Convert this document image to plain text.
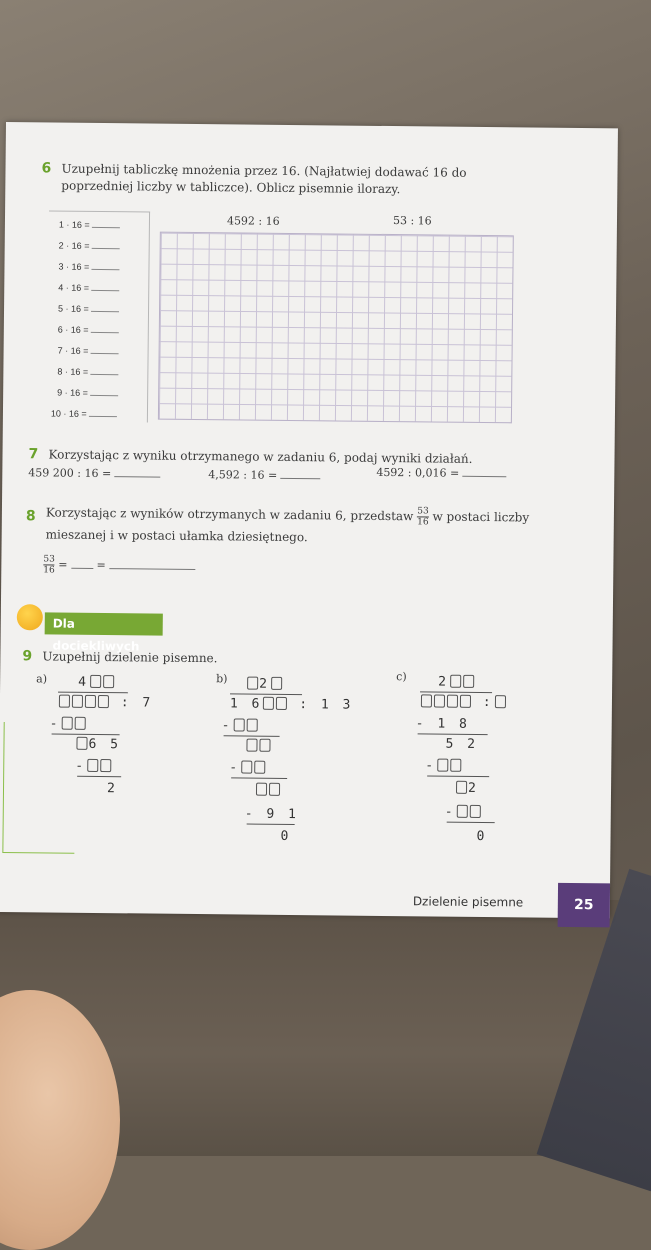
6 Uzupełnij tabliczkę mnożenia przez 16. (Najłatwiej dodawać 16 do poprzedniej liczby w tabliczce). Oblicz pisemnie ilorazy.
1 · 16 =
2 · 16 =
3 · 16 =
4 · 16 =
5 · 16 =
6 · 16 =
7 · 16 =
8 · 16 =
9 · 16 =
10 · 16 =
4592 : 16	53 : 16
7 Korzystając z wyniku otrzymanego w zadaniu 6, podaj wyniki działań.
459 200 : 16 =	4,592 : 16 =	4592 : 0,016 =
8 Korzystając z wyników otrzymanych w zadaniu 6, przedstaw $\frac{53}{16}$ w postaci liczby
mieszanej i w postaci ułamka dziesiętnego.
$\frac{53}{16}$ =	=
Dla dociekliwych
9 Uzupełnij dzielenie pisemne.
a) 4
: 7
-
6 5
-
2
b)	2
1 6	: 1 3
-
-
- 9 1
0
c) 2
:
- 1 8
5 2
-
2
-
0
Dzielenie pisemne	25
